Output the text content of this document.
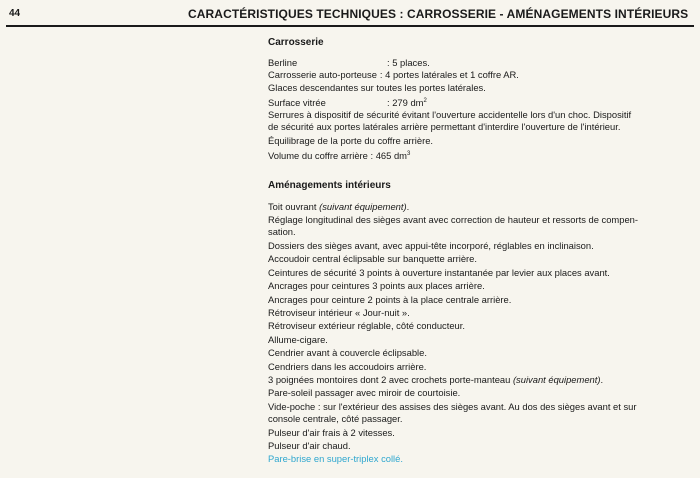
44	CARACTÉRISTIQUES TECHNIQUES : CARROSSERIE - AMÉNAGEMENTS INTÉRIEURS
Carrosserie
Berline	: 5 places.
Carrosserie auto-porteuse : 4 portes latérales et 1 coffre AR.
Glaces descendantes sur toutes les portes latérales.
Surface vitrée	: 279 $dm^2$
Serrures à dispositif de sécurité évitant l'ouverture accidentelle lors d'un choc. Dispositif
de sécurité aux portes latérales arrière permettant d'interdire l'ouverture de l'intérieur.
Équilibrage de la porte du coffre arrière.
Volume du coffre arrière : 465 $dm^3$
Aménagements intérieurs
Toit ouvrant (suivant équipement).
Réglage longitudinal des sièges avant avec correction de hauteur et ressorts de compen-
sation.
Dossiers des sièges avant, avec appui-tête incorporé, réglables en inclinaison.
Accoudoir central éclipsable sur banquette arrière.
Ceintures de sécurité 3 points à ouverture instantanée par levier aux places avant.
Ancrages pour ceintures 3 points aux places arrière.
Ancrages pour ceinture 2 points à la place centrale arrière.
Rétroviseur intérieur « Jour-nuit ».
Rétroviseur extérieur réglable, côté conducteur.
Allume-cigare.
Cendrier avant à couvercle éclipsable.
Cendriers dans les accoudoirs arrière.
3 poignées montoires dont 2 avec crochets porte-manteau (suivant équipement).
Pare-soleil passager avec miroir de courtoisie.
Vide-poche : sur l'extérieur des assises des sièges avant. Au dos des sièges avant et sur
console centrale, côté passager.
Pulseur d'air frais à 2 vitesses.
Pulseur d'air chaud.
Pare-brise en super-triplex collé.
